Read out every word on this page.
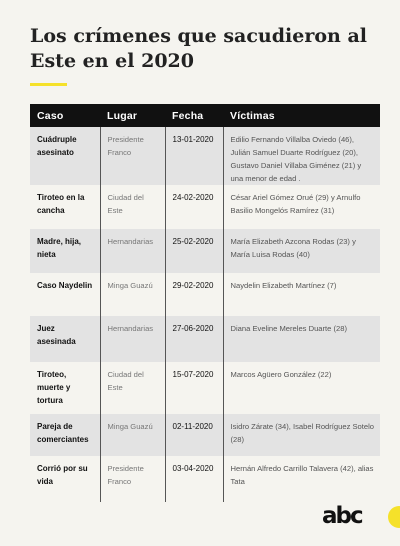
Los crímenes que sacudieron al Este en el 2020
Caso	Lugar	Fecha	Víctimas
Cuádruple asesinato	Presidente Franco	13-01-2020	Edilio Fernando Villalba Oviedo (46), Julián Samuel Duarte Rodríguez (20), Gustavo Daniel Villaba Giménez (21) y una menor de edad .
Tiroteo en la cancha	Ciudad del Este	24-02-2020	César Ariel Gómez Orué (29) y Arnulfo Basilio Mongelós Ramírez (31)
Madre, hija, nieta	Hernandarias	25-02-2020	María Elizabeth Azcona Rodas (23) y María Luisa Rodas (40)
Caso Naydelin	Minga Guazú	29-02-2020	Naydelin Elizabeth Martínez (7)
Juez asesinada	Hernandarias	27-06-2020	Diana Eveline Mereles Duarte (28)
Tiroteo, muerte y tortura	Ciudad del Este	15-07-2020	Marcos Agüero González (22)
Pareja de comerciantes	Minga Guazú	02-11-2020	Isidro Zárate (34), Isabel Rodríguez Sotelo (28)
Corrió por su vida	Presidente Franco	03-04-2020	Hernán Alfredo Carrillo Talavera (42), alias Tata
abc
